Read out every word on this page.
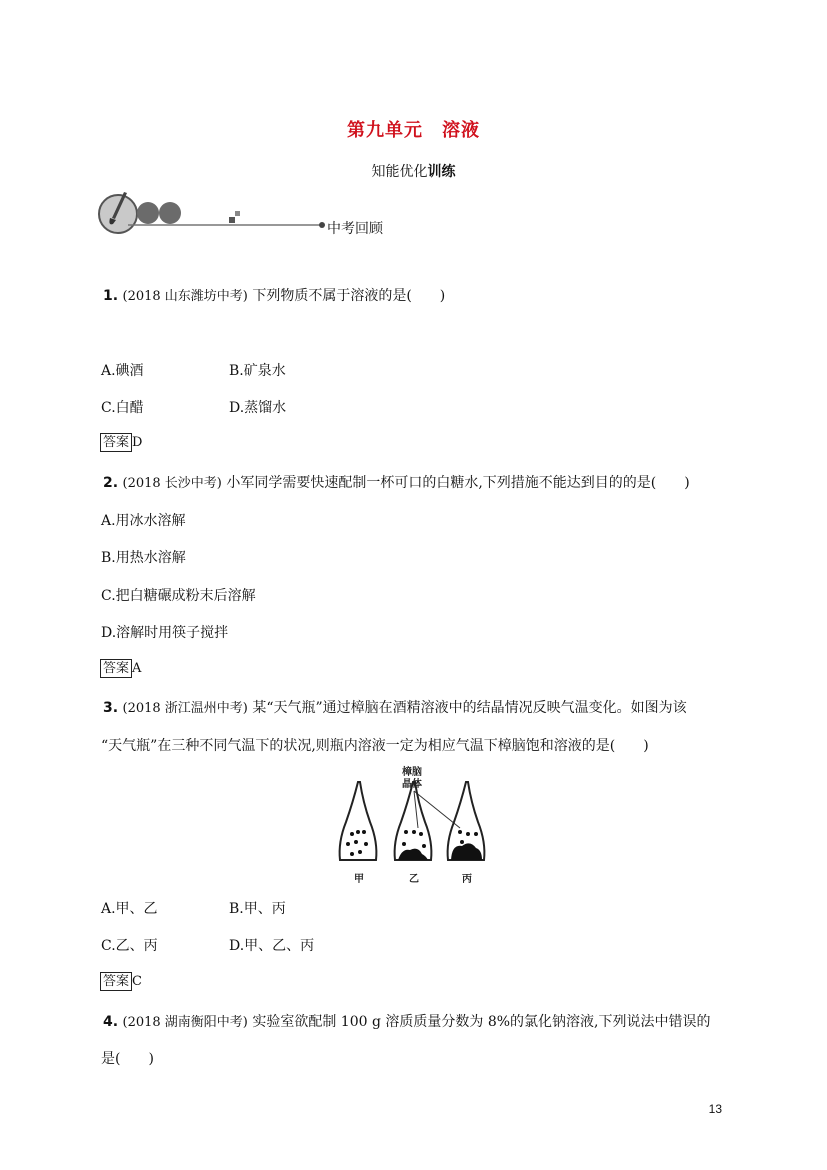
第九单元　溶液
知能优化训练
中考回顾
1. (2018 山东潍坊中考) 下列物质不属于溶液的是(　　)
A.碘酒	B.矿泉水
C.白醋	D.蒸馏水
答案 D
2. (2018 长沙中考) 小军同学需要快速配制一杯可口的白糖水,下列措施不能达到目的的是(　　)
A.用冰水溶解
B.用热水溶解
C.把白糖碾成粉末后溶解
D.溶解时用筷子搅拌
答案 A
3. (2018 浙江温州中考) 某“天气瓶”通过樟脑在酒精溶液中的结晶情况反映气温变化。如图为该
“天气瓶”在三种不同气温下的状况,则瓶内溶液一定为相应气温下樟脑饱和溶液的是(　　)
樟脑
晶体
甲	乙	丙
A.甲、乙	B.甲、丙
C.乙、丙	D.甲、乙、丙
答案 C
4. (2018 湖南衡阳中考) 实验室欲配制 100 g 溶质质量分数为 8%的氯化钠溶液,下列说法中错误的
是(　　)
13
